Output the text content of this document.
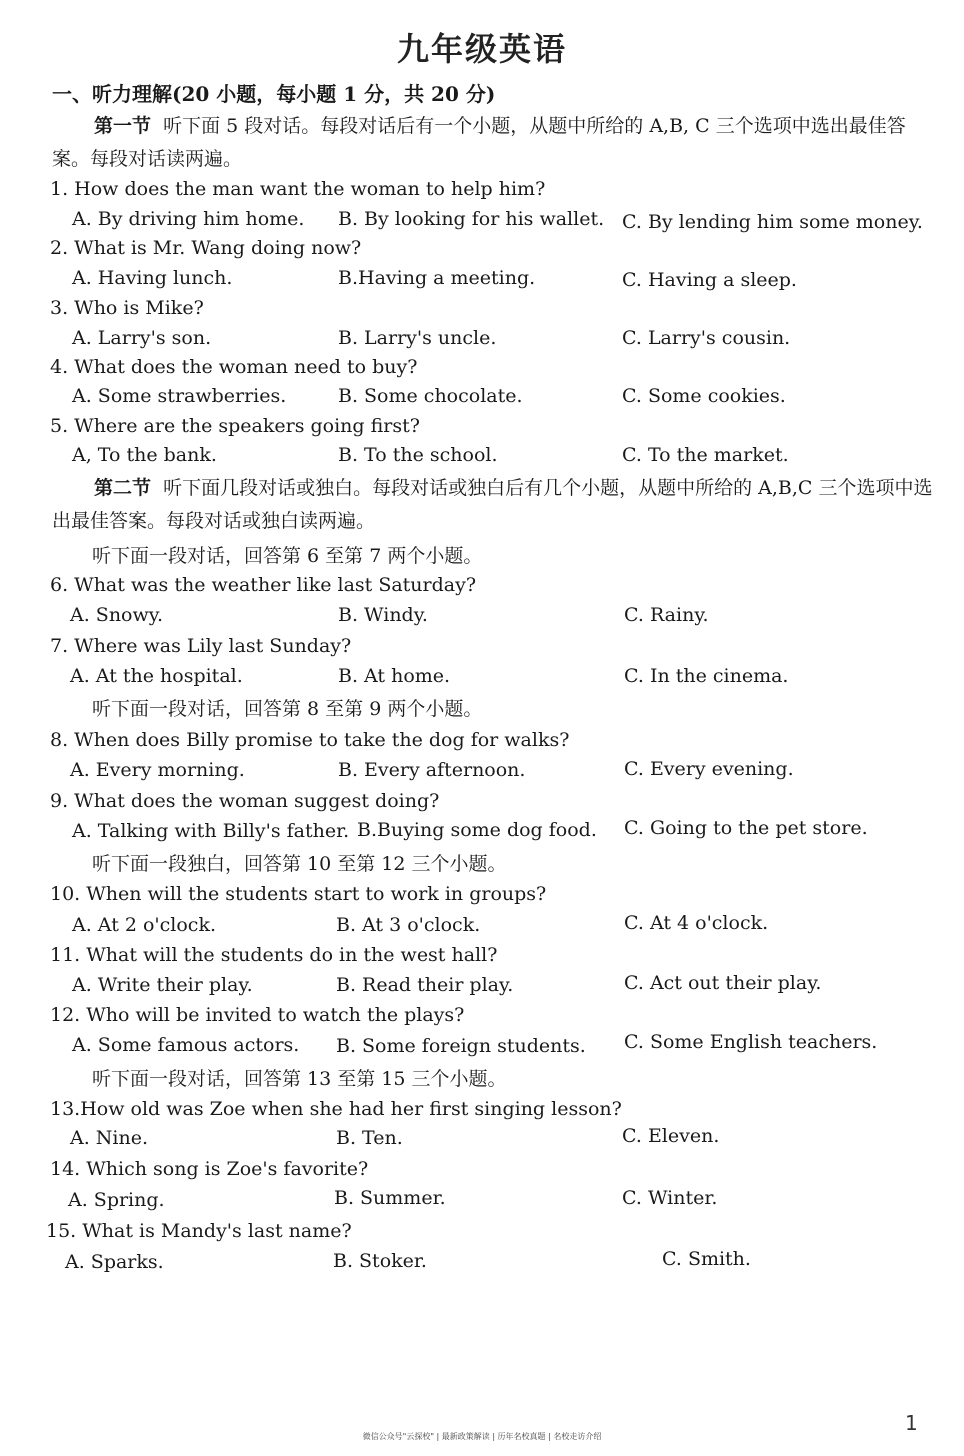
九年级英语
一、听力理解(20 小题，每小题 1 分，共 20 分)
第一节 听下面 5 段对话。每段对话后有一个小题，从题中所给的 A,B, C 三个选项中选出最佳答案。每段对话读两遍。
1. How does the man want the woman to help him?
A. By driving him home. B. By looking for his wallet. C. By lending him some money.
2. What is Mr. Wang doing now?
A. Having lunch.	B.Having a meeting.	C. Having a sleep.
3. Who is Mike?
A. Larry's son.	B. Larry's uncle.	C. Larry's cousin.
4. What does the woman need to buy?
A. Some strawberries.	B. Some chocolate.	C. Some cookies.
5. Where are the speakers going first?
A, To the bank.	B. To the school.	C. To the market.
第二节 听下面几段对话或独白。每段对话或独白后有几个小题，从题中所给的 A,B,C 三个选项中选出最佳答案。每段对话或独白读两遍。
听下面一段对话，回答第 6 至第 7 两个小题。
6. What was the weather like last Saturday?
A. Snowy.	B. Windy.	C. Rainy.
7. Where was Lily last Sunday?
A. At the hospital.	B. At home.	C. In the cinema.
听下面一段对话，回答第 8 至第 9 两个小题。
8. When does Billy promise to take the dog for walks?
A. Every morning.	B. Every afternoon.	C. Every evening.
9. What does the woman suggest doing?
A. Talking with Billy's father. B.Buying some dog food. C. Going to the pet store.
听下面一段独白，回答第 10 至第 12 三个小题。
10. When will the students start to work in groups?
A. At 2 o'clock.	B. At 3 o'clock.	C. At 4 o'clock.
11. What will the students do in the west hall?
A. Write their play.	B. Read their play.	C. Act out their play.
12. Who will be invited to watch the plays?
A. Some famous actors. B. Some foreign students. C. Some English teachers.
听下面一段对话，回答第 13 至第 15 三个小题。
13.How old was Zoe when she had her first singing lesson?
A. Nine.	B. Ten.	C. Eleven.
14. Which song is Zoe's favorite?
A. Spring.	B. Summer.	C. Winter.
15. What is Mandy's last name?
A. Sparks.	B. Stoker.	C. Smith.
1
微信公众号"云探校" | 最新政策解读 | 历年名校真题 | 名校走访介绍
